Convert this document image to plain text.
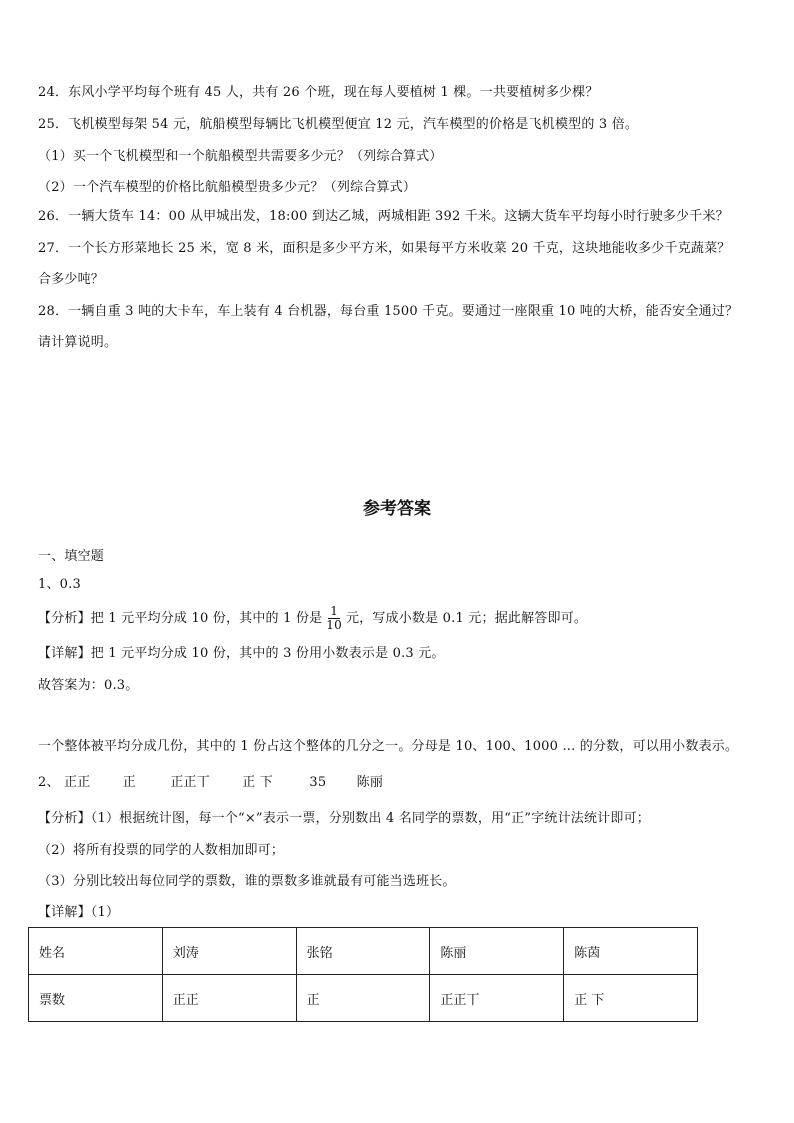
24．东风小学平均每个班有 45 人，共有 26 个班，现在每人要植树 1 棵。一共要植树多少棵？
25．飞机模型每架 54 元，航船模型每辆比飞机模型便宜 12 元，汽车模型的价格是飞机模型的 3 倍。
（1）买一个飞机模型和一个航船模型共需要多少元？（列综合算式）
（2）一个汽车模型的价格比航船模型贵多少元？（列综合算式）
26．一辆大货车 14：00 从甲城出发，18:00 到达乙城，两城相距 392 千米。这辆大货车平均每小时行驶多少千米？
27．一个长方形菜地长 25 米，宽 8 米，面积是多少平方米，如果每平方米收菜 20 千克，这块地能收多少千克蔬菜？
合多少吨？
28．一辆自重 3 吨的大卡车，车上装有 4 台机器，每台重 1500 千克。要通过一座限重 10 吨的大桥，能否安全通过？
请计算说明。
参考答案
一、填空题
1、0.3
【分析】把 1 元平均分成 10 份，其中的 1 份是 $\frac{1}{10}$ 元，写成小数是 0.1 元；据此解答即可。
【详解】把 1 元平均分成 10 份，其中的 3 份用小数表示是 0.3 元。
故答案为：0.3。
一个整体被平均分成几份，其中的 1 份占这个整体的几分之一。分母是 10、100、1000 ... 的分数，可以用小数表示。
2、 正正 正	正正丅 正 下	35 陈丽
【分析】（1）根据统计图，每一个“×”表示一票，分别数出 4 名同学的票数，用“正”字统计法统计即可；
（2）将所有投票的同学的人数相加即可；
（3）分别比较出每位同学的票数，谁的票数多谁就最有可能当选班长。
【详解】（1）
姓名	刘涛	张铭	陈丽	陈茵
票数	正正	正	正正丅	正 下
